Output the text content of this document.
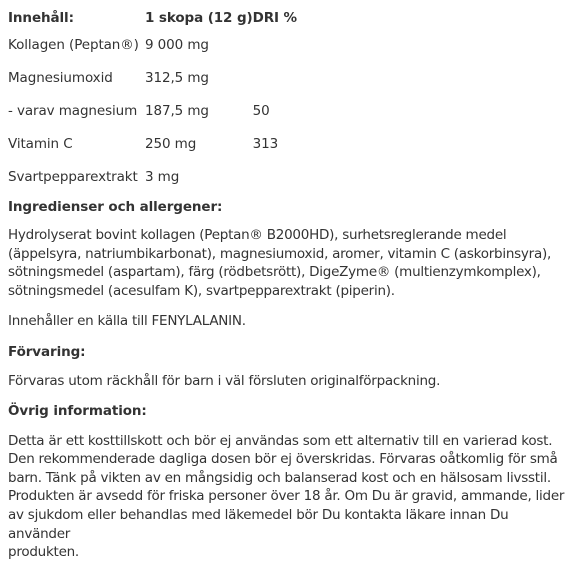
Innehåll:	1 skopa (12 g)	DRI %
Kollagen (Peptan®)	9 000 mg	
Magnesiumoxid	312,5 mg	
- varav magnesium	187,5 mg	50
Vitamin C	250 mg	313
Svartpepparextrakt	3 mg	

Ingredienser och allergener:

Hydrolyserat bovint kollagen (Peptan® B2000HD), surhetsreglerande medel
(äppelsyra, natriumbikarbonat), magnesiumoxid, aromer, vitamin C (askorbinsyra),
sötningsmedel (aspartam), färg (rödbetsrött), DigeZyme® (multienzymkomplex),
sötningsmedel (acesulfam K), svartpepparextrakt (piperin).

Innehåller en källa till FENYLALANIN.

Förvaring:

Förvaras utom räckhåll för barn i väl försluten originalförpackning.

Övrig information:

Detta är ett kosttillskott och bör ej användas som ett alternativ till en varierad kost.
Den rekommenderade dagliga dosen bör ej överskridas. Förvaras oåtkomlig för små
barn. Tänk på vikten av en mångsidig och balanserad kost och en hälsosam livsstil.
Produkten är avsedd för friska personer över 18 år. Om Du är gravid, ammande, lider
av sjukdom eller behandlas med läkemedel bör Du kontakta läkare innan Du använder
produkten.
